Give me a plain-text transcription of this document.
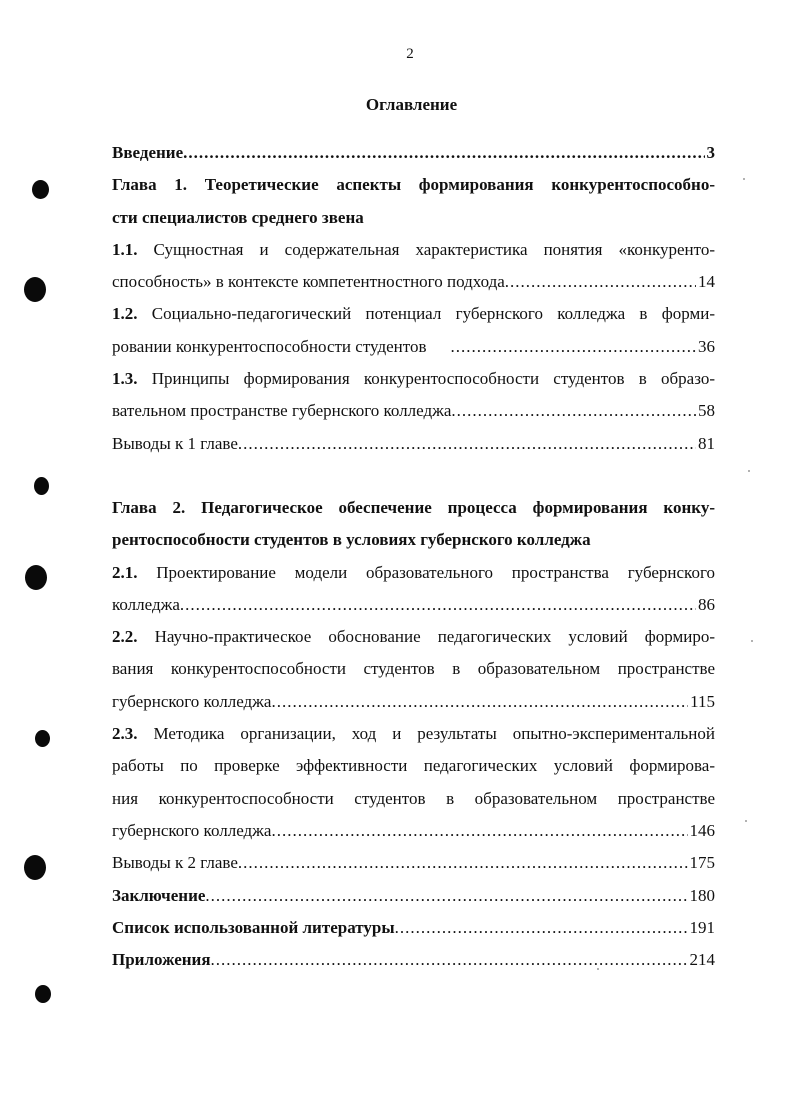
2
Оглавление
Введение .....	3
Глава 1. Теоретические аспекты формирования конкурентоспособно-
сти специалистов среднего звена
1.1. Сущностная и содержательная характеристика понятия «конкуренто-
способность» в контексте компетентностного подхода .....	14
1.2. Социально-педагогический потенциал губернского колледжа в форми-
ровании конкурентоспособности студентов .....	36
1.3. Принципы формирования конкурентоспособности студентов в образо-
вательном пространстве губернского колледжа .....	58
Выводы к 1 главе .....	81
Глава 2. Педагогическое обеспечение процесса формирования конку-
рентоспособности студентов в условиях губернского колледжа
2.1. Проектирование модели образовательного пространства губернского
колледжа .....	86
2.2. Научно-практическое обоснование педагогических условий формиро-
вания конкурентоспособности студентов в образовательном пространстве
губернского колледжа .....	115
2.3. Методика организации, ход и результаты опытно-экспериментальной
работы по проверке эффективности педагогических условий формирова-
ния конкурентоспособности студентов в образовательном пространстве
губернского колледжа .....	146
Выводы к 2 главе .....	175
Заключение .....	180
Список использованной литературы .....	191
Приложения .....	214
